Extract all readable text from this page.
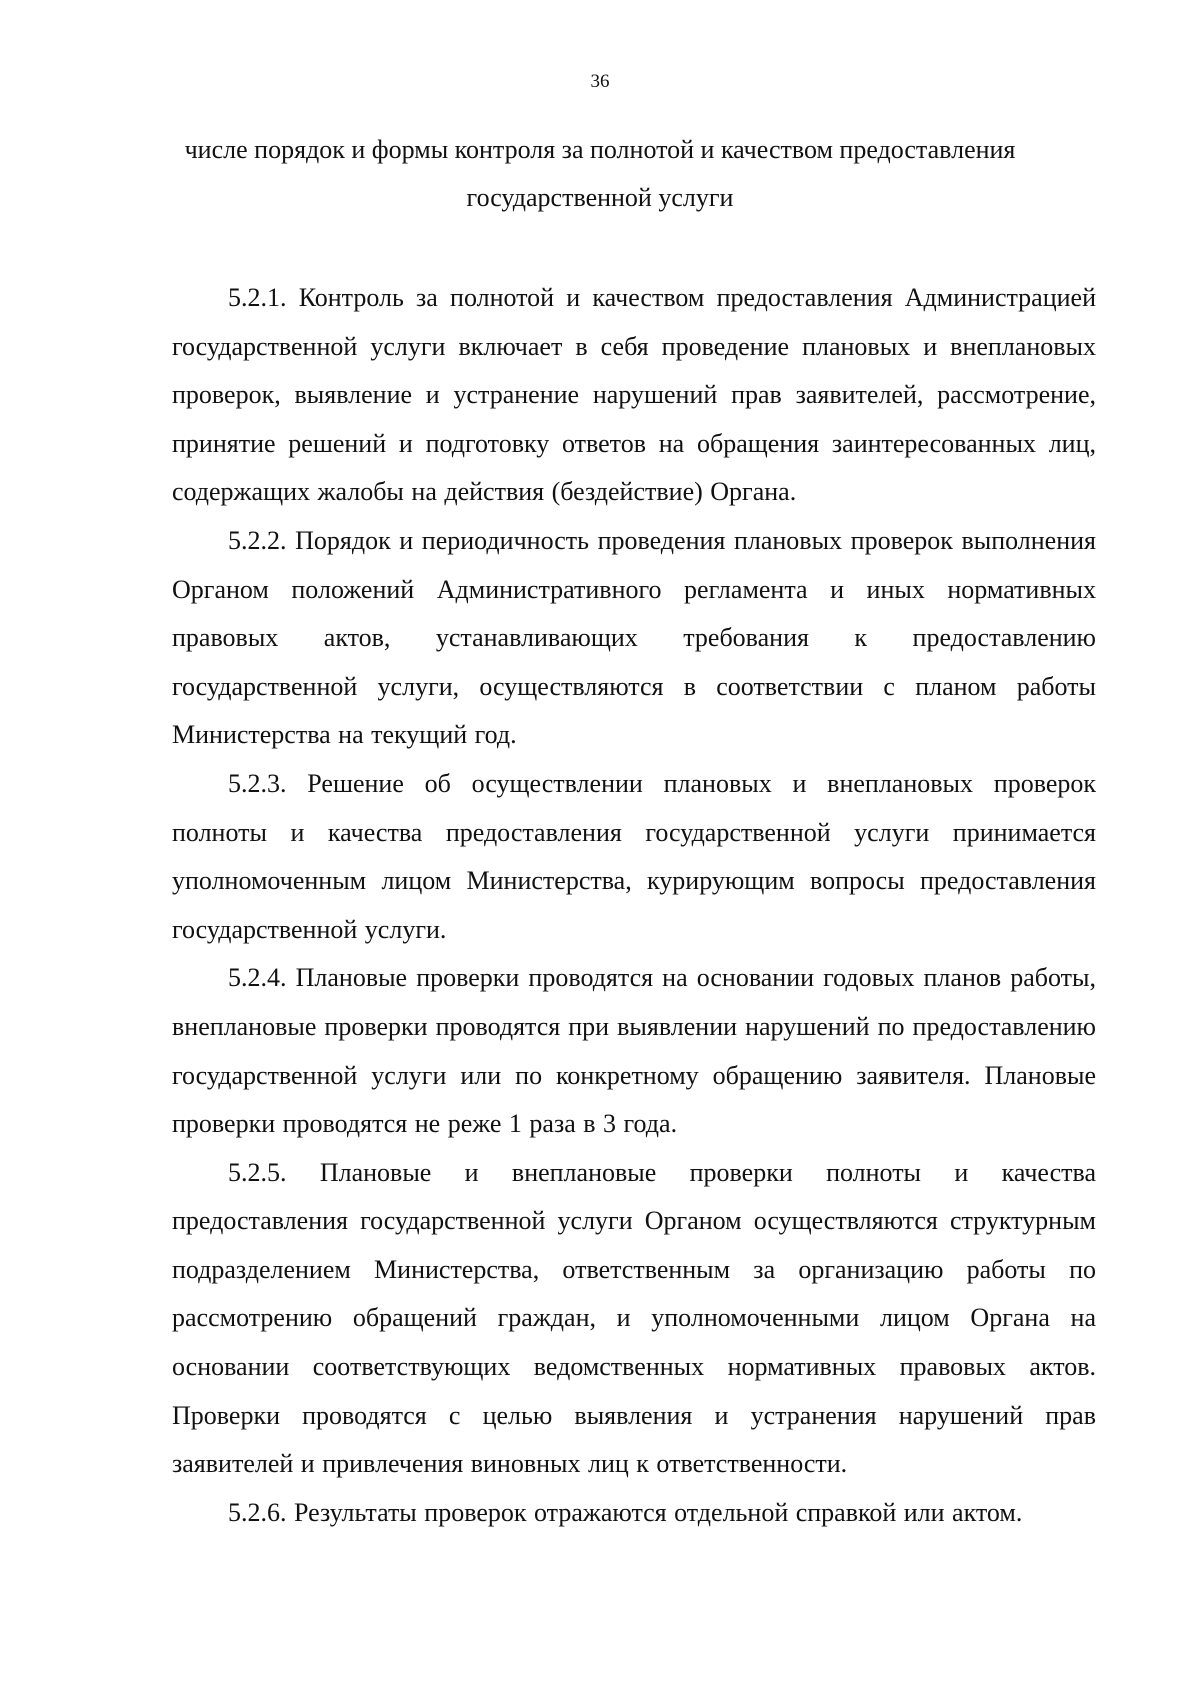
36
числе порядок и формы контроля за полнотой и качеством предоставления
государственной услуги

5.2.1. Контроль за полнотой и качеством предоставления Администрацией государственной услуги включает в себя проведение плановых и внеплановых проверок, выявление и устранение нарушений прав заявителей, рассмотрение, принятие решений и подготовку ответов на обращения заинтересованных лиц, содержащих жалобы на действия (бездействие) Органа.

5.2.2. Порядок и периодичность проведения плановых проверок выполнения Органом положений Административного регламента и иных нормативных правовых актов, устанавливающих требования к предоставлению государственной услуги, осуществляются в соответствии с планом работы Министерства на текущий год.

5.2.3. Решение об осуществлении плановых и внеплановых проверок полноты и качества предоставления государственной услуги принимается уполномоченным лицом Министерства, курирующим вопросы предоставления государственной услуги.

5.2.4. Плановые проверки проводятся на основании годовых планов работы, внеплановые проверки проводятся при выявлении нарушений по предоставлению государственной услуги или по конкретному обращению заявителя. Плановые проверки проводятся не реже 1 раза в 3 года.

5.2.5. Плановые и внеплановые проверки полноты и качества предоставления государственной услуги Органом осуществляются структурным подразделением Министерства, ответственным за организацию работы по рассмотрению обращений граждан, и уполномоченными лицом Органа на основании соответствующих ведомственных нормативных правовых актов. Проверки проводятся с целью выявления и устранения нарушений прав заявителей и привлечения виновных лиц к ответственности.

5.2.6. Результаты проверок отражаются отдельной справкой или актом.
